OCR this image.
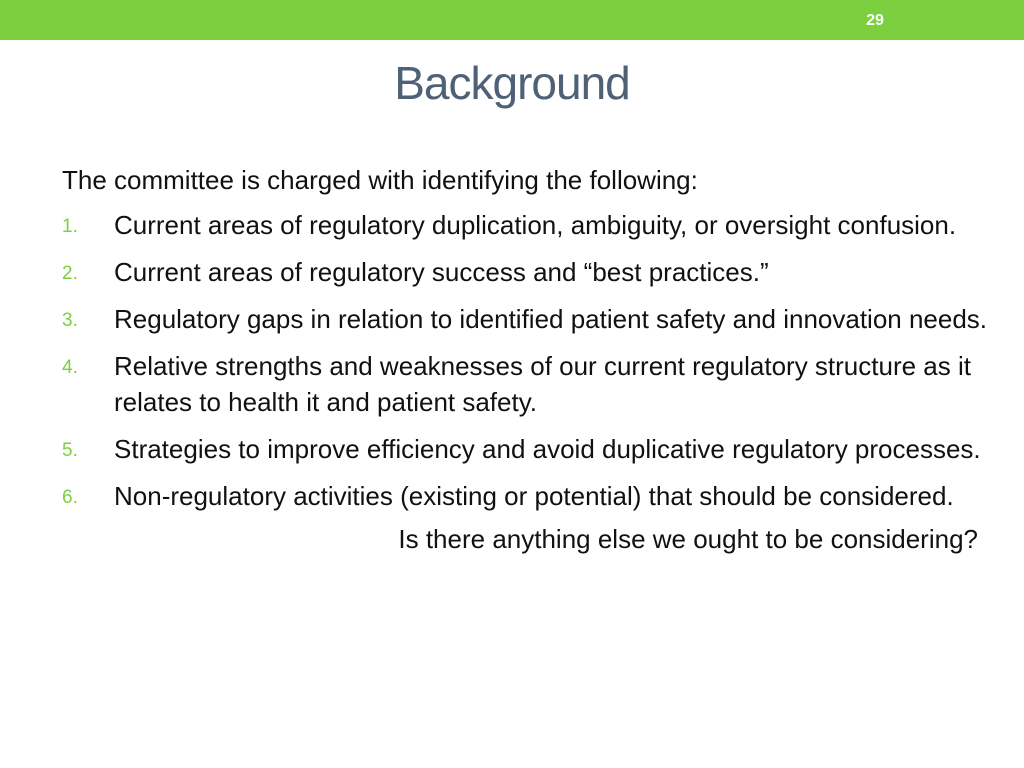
29
Background

The committee is charged with identifying the following:

1. Current areas of regulatory duplication, ambiguity, or oversight confusion.
2. Current areas of regulatory success and “best practices.”
3. Regulatory gaps in relation to identified patient safety and innovation needs.
4. Relative strengths and weaknesses of our current regulatory structure as it relates to health it and patient safety.
5. Strategies to improve efficiency and avoid duplicative regulatory processes.
6. Non-regulatory activities (existing or potential) that should be considered.
Is there anything else we ought to be considering?
